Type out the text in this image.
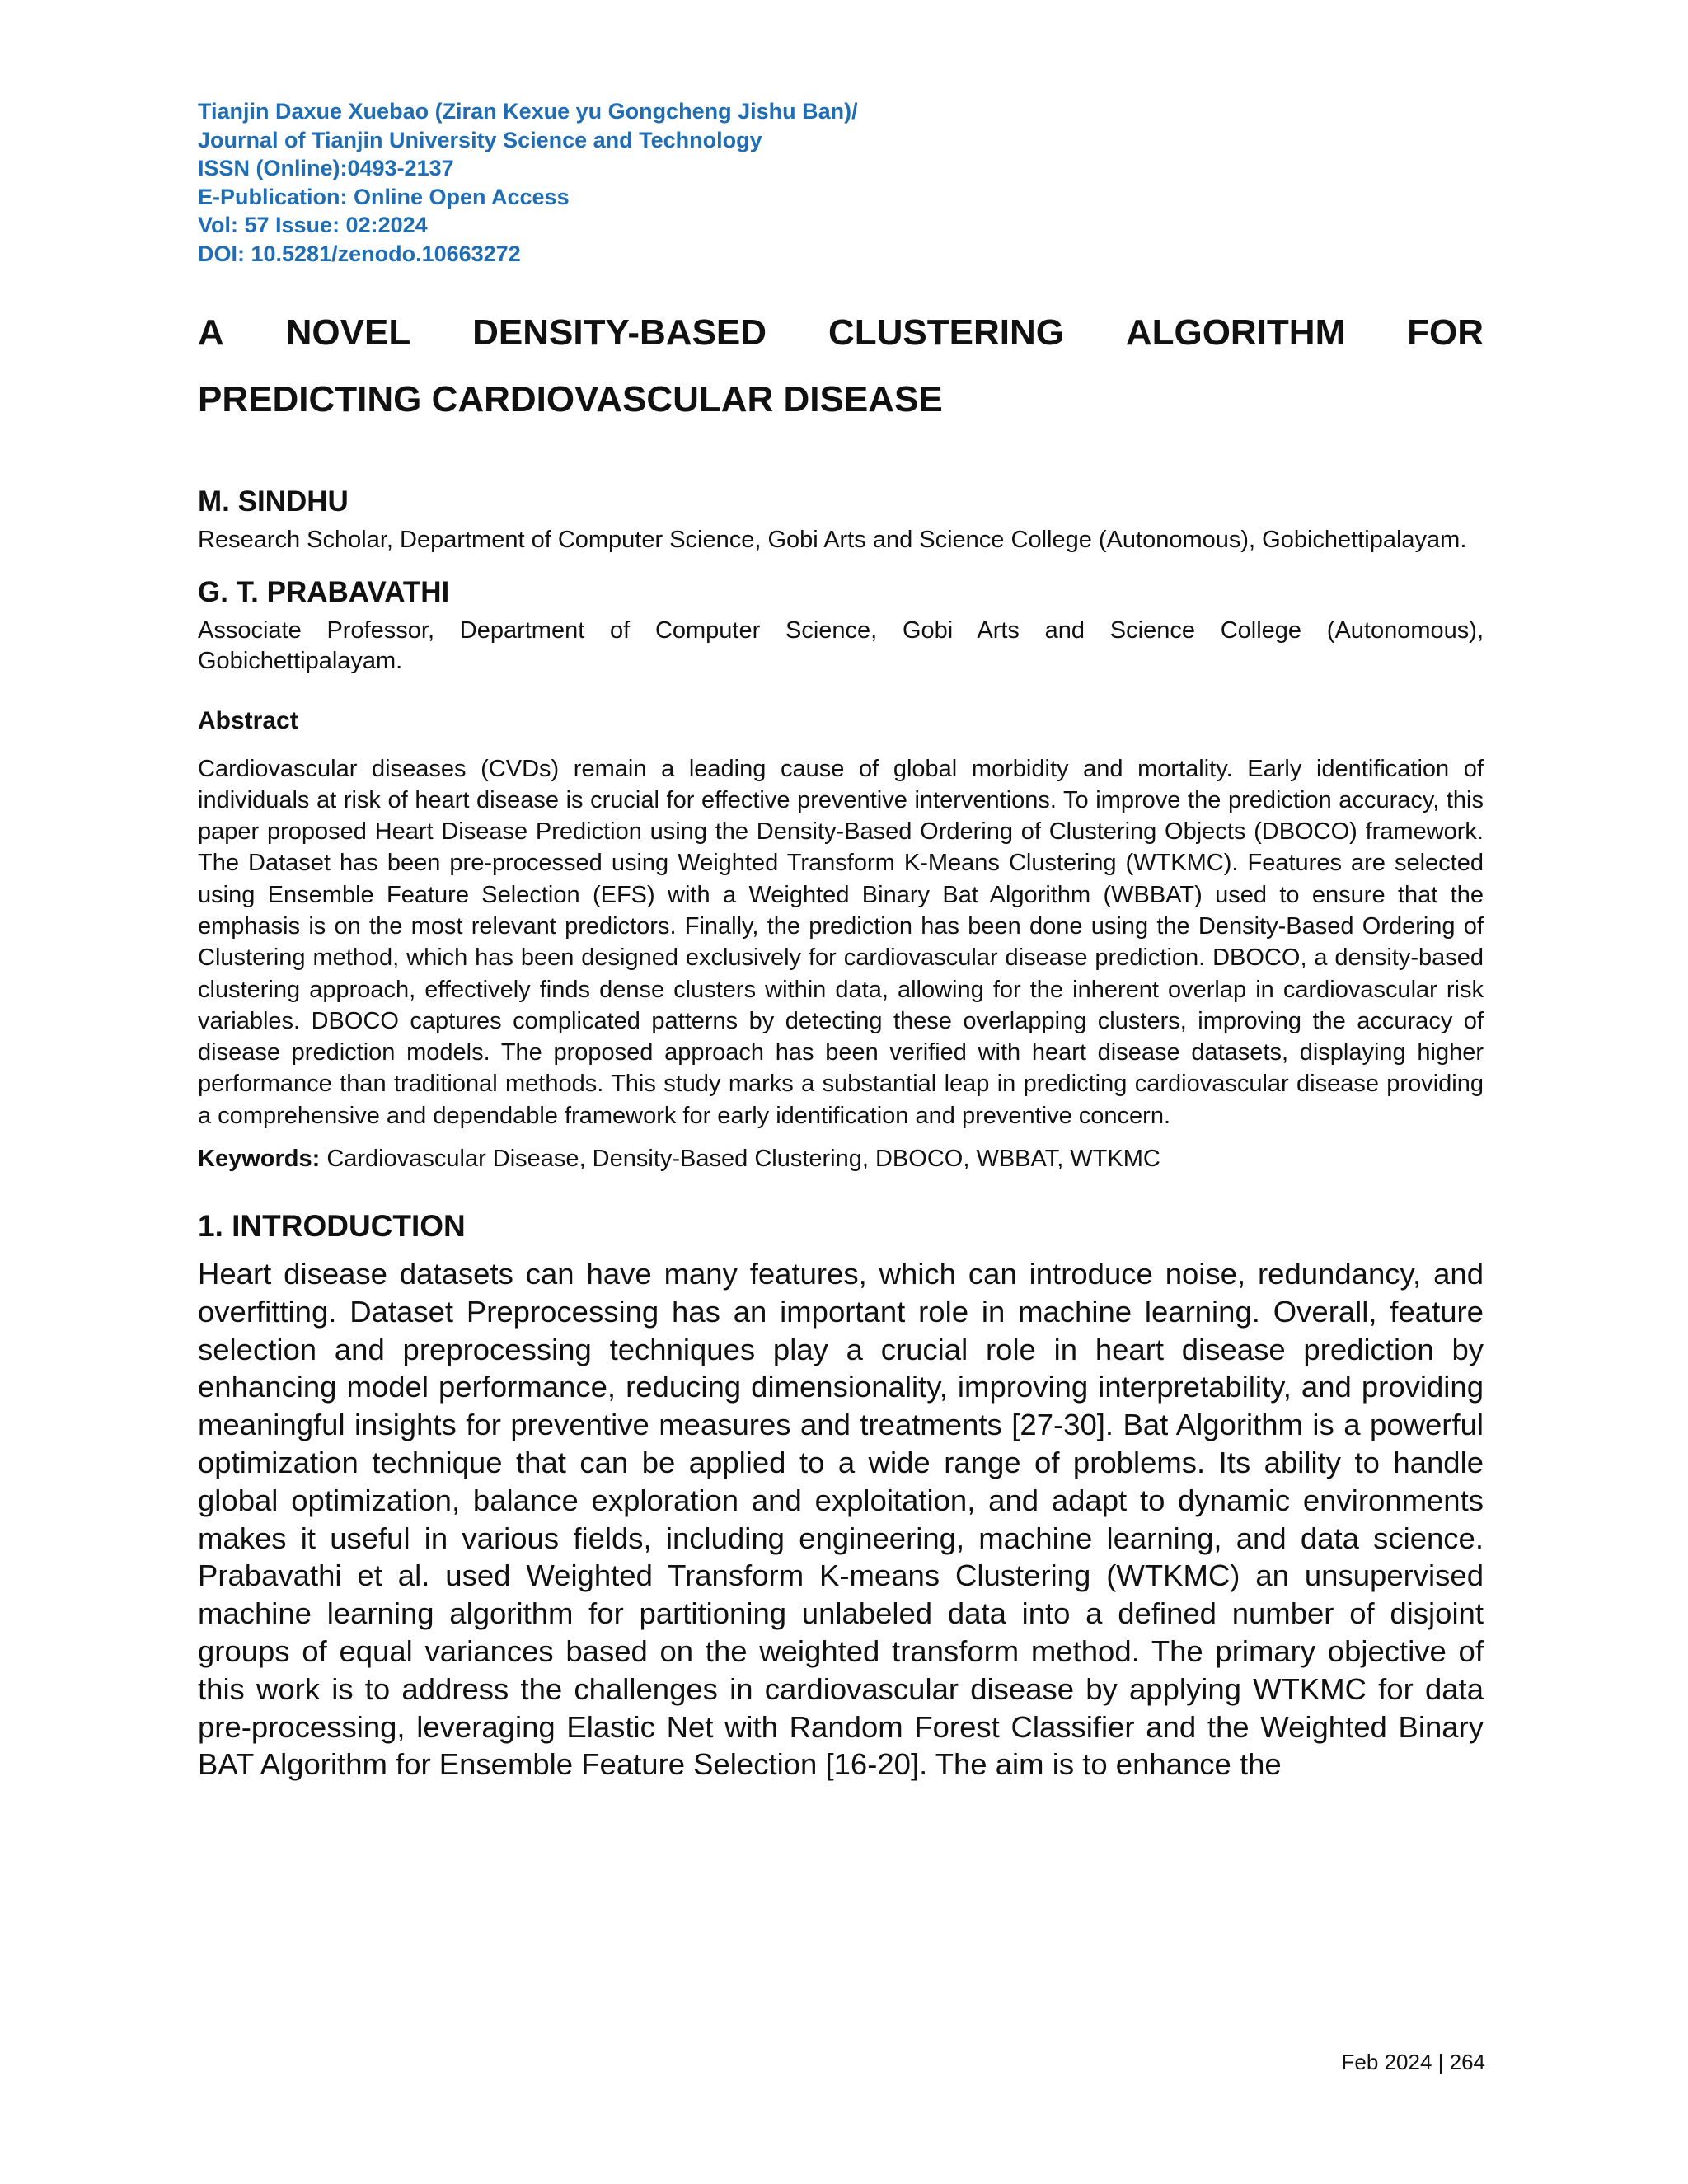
Tianjin Daxue Xuebao (Ziran Kexue yu Gongcheng Jishu Ban)/
Journal of Tianjin University Science and Technology
ISSN (Online):0493-2137
E-Publication: Online Open Access
Vol: 57 Issue: 02:2024
DOI: 10.5281/zenodo.10663272
A NOVEL DENSITY-BASED CLUSTERING ALGORITHM FOR
PREDICTING CARDIOVASCULAR DISEASE
M. SINDHU
Research Scholar, Department of Computer Science, Gobi Arts and Science College (Autonomous), Gobichettipalayam.
G. T. PRABAVATHI
Associate Professor, Department of Computer Science, Gobi Arts and Science College (Autonomous), Gobichettipalayam.
Abstract
Cardiovascular diseases (CVDs) remain a leading cause of global morbidity and mortality. Early identification of individuals at risk of heart disease is crucial for effective preventive interventions. To improve the prediction accuracy, this paper proposed Heart Disease Prediction using the Density-Based Ordering of Clustering Objects (DBOCO) framework. The Dataset has been pre-processed using Weighted Transform K-Means Clustering (WTKMC). Features are selected using Ensemble Feature Selection (EFS) with a Weighted Binary Bat Algorithm (WBBAT) used to ensure that the emphasis is on the most relevant predictors. Finally, the prediction has been done using the Density-Based Ordering of Clustering method, which has been designed exclusively for cardiovascular disease prediction. DBOCO, a density-based clustering approach, effectively finds dense clusters within data, allowing for the inherent overlap in cardiovascular risk variables. DBOCO captures complicated patterns by detecting these overlapping clusters, improving the accuracy of disease prediction models. The proposed approach has been verified with heart disease datasets, displaying higher performance than traditional methods. This study marks a substantial leap in predicting cardiovascular disease providing a comprehensive and dependable framework for early identification and preventive concern.
Keywords: Cardiovascular Disease, Density-Based Clustering, DBOCO, WBBAT, WTKMC
1. INTRODUCTION
Heart disease datasets can have many features, which can introduce noise, redundancy, and overfitting. Dataset Preprocessing has an important role in machine learning. Overall, feature selection and preprocessing techniques play a crucial role in heart disease prediction by enhancing model performance, reducing dimensionality, improving interpretability, and providing meaningful insights for preventive measures and treatments [27-30]. Bat Algorithm is a powerful optimization technique that can be applied to a wide range of problems. Its ability to handle global optimization, balance exploration and exploitation, and adapt to dynamic environments makes it useful in various fields, including engineering, machine learning, and data science. Prabavathi et al. used Weighted Transform K-means Clustering (WTKMC) an unsupervised machine learning algorithm for partitioning unlabeled data into a defined number of disjoint groups of equal variances based on the weighted transform method. The primary objective of this work is to address the challenges in cardiovascular disease by applying WTKMC for data pre-processing, leveraging Elastic Net with Random Forest Classifier and the Weighted Binary BAT Algorithm for Ensemble Feature Selection [16-20]. The aim is to enhance the
Feb 2024 | 264
